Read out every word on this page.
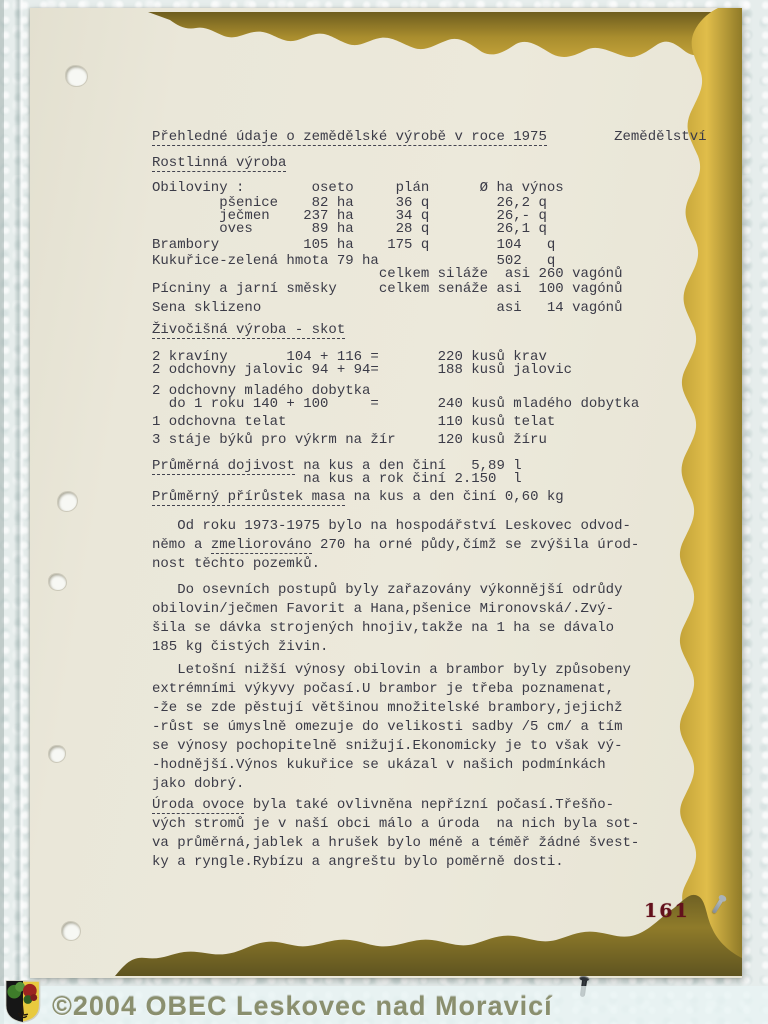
Přehledné údaje o zemědělské výrobě v roce 1975        Zemědělství
Rostlinná výroba
Obiloviny :        oseto     plán      Ø ha výnos
pšenice    82 ha     36 q        26,2 q
ječmen    237 ha     34 q        26,- q
oves       89 ha     28 q        26,1 q
Brambory          105 ha    175 q        104   q
Kukuřice-zelená hmota 79 ha              502   q
celkem siláže  asi 260 vagónů
Pícniny a jarní směsky     celkem senáže asi  100 vagónů
Sena sklizeno                            asi   14 vagónů
Živočišná výroba - skot
2 kravíny       104 + 116 =       220 kusů krav
2 odchovny jalovic 94 + 94=       188 kusů jalovic
2 odchovny mladého dobytka
do 1 roku 140 + 100     =       240 kusů mladého dobytka
1 odchovna telat                  110 kusů telat
3 stáje býků pro výkrm na žír     120 kusů žíru
Průměrná dojivost na kus a den činí   5,89 l
na kus a rok činí 2.150  l
Průměrný přírůstek masa na kus a den činí 0,60 kg
Od roku 1973-1975 bylo na hospodářství Leskovec odvod-
němo a zmeliorováno 270 ha orné půdy,čímž se zvýšila úrod-
nost těchto pozemků.
Do osevních postupů byly zařazovány výkonnější odrůdy
obilovin/ječmen Favorit a Hana,pšenice Mironovská/.Zvý-
šila se dávka strojených hnojiv,takže na 1 ha se dávalo
185 kg čistých živin.
Letošní nižší výnosy obilovin a brambor byly způsobeny
extrémními výkyvy počasí.U brambor je třeba poznamenat,
-že se zde pěstují většinou množitelské brambory,jejichž
-růst se úmyslně omezuje do velikosti sadby /5 cm/ a tím
se výnosy pochopitelně snižují.Ekonomicky je to však vý-
-hodnější.Výnos kukuřice se ukázal v našich podmínkách
jako dobrý.
Úroda ovoce byla také ovlivněna nepřízní počasí.Třešňo-
vých stromů je v naší obci málo a úroda  na nich byla sot-
va průměrná,jablek a hrušek bylo méně a téměř žádné švest-
ky a ryngle.Rybízu a angreštu bylo poměrně dosti.
161
©2004 OBEC Leskovec nad Moravicí
